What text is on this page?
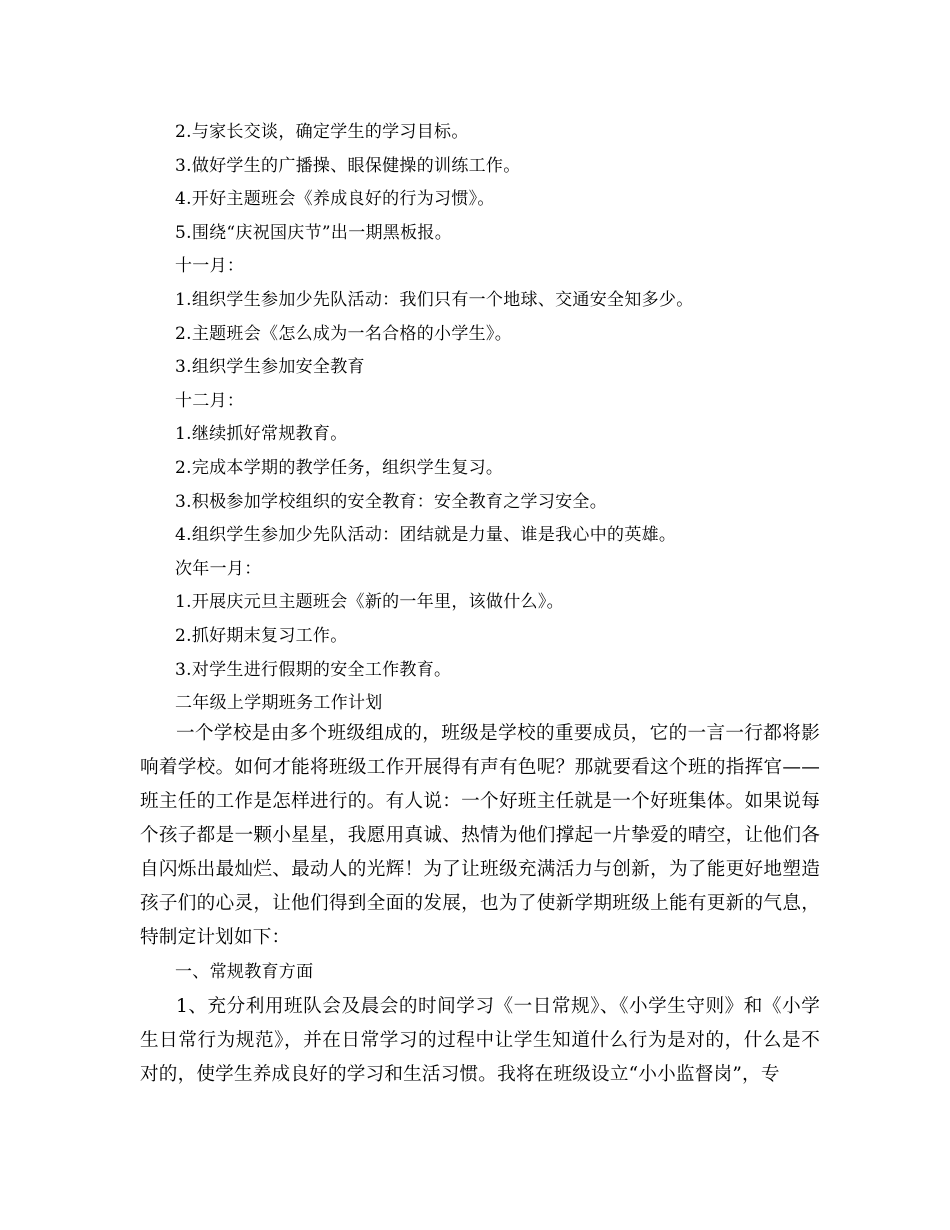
2.与家长交谈，确定学生的学习目标。
3.做好学生的广播操、眼保健操的训练工作。
4.开好主题班会《养成良好的行为习惯》。
5.围绕“庆祝国庆节”出一期黑板报。
十一月：
1.组织学生参加少先队活动：我们只有一个地球、交通安全知多少。
2.主题班会《怎么成为一名合格的小学生》。
3.组织学生参加安全教育
十二月：
1.继续抓好常规教育。
2.完成本学期的教学任务，组织学生复习。
3.积极参加学校组织的安全教育：安全教育之学习安全。
4.组织学生参加少先队活动：团结就是力量、谁是我心中的英雄。
次年一月：
1.开展庆元旦主题班会《新的一年里，该做什么》。
2.抓好期末复习工作。
3.对学生进行假期的安全工作教育。
二年级上学期班务工作计划
一个学校是由多个班级组成的，班级是学校的重要成员，它的一言一行都将影响着学校。如何才能将班级工作开展得有声有色呢？那就要看这个班的指挥官——班主任的工作是怎样进行的。有人说：一个好班主任就是一个好班集体。如果说每个孩子都是一颗小星星，我愿用真诚、热情为他们撑起一片挚爱的晴空，让他们各自闪烁出最灿烂、最动人的光辉！为了让班级充满活力与创新，为了能更好地塑造孩子们的心灵，让他们得到全面的发展，也为了使新学期班级上能有更新的气息，特制定计划如下：
一、常规教育方面
1、充分利用班队会及晨会的时间学习《一日常规》、《小学生守则》和《小学生日常行为规范》，并在日常学习的过程中让学生知道什么行为是对的，什么是不对的，使学生养成良好的学习和生活习惯。我将在班级设立“小小监督岗”，专
